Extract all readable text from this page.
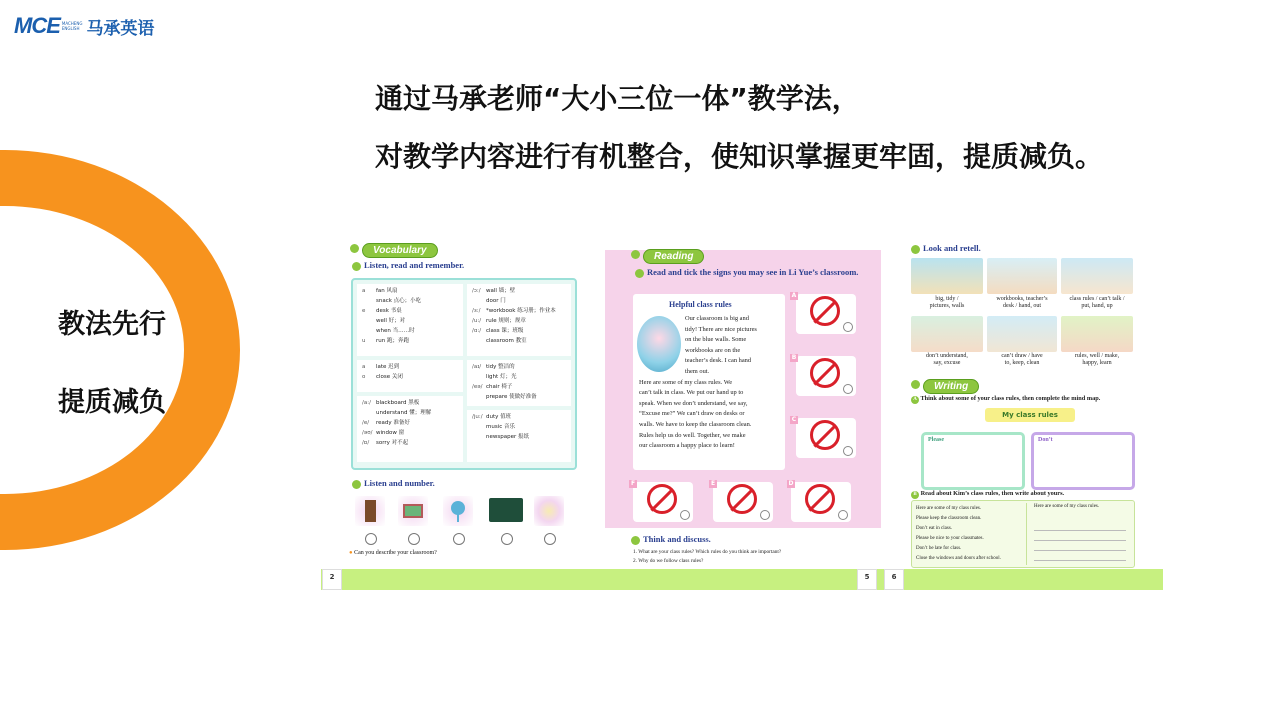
MCE MACHENG
ENGLISH 马承英语
通过马承老师“大小三位一体”教学法，
对教学内容进行有机整合，使知识掌握更牢固，提质减负。
教法先行
提质减负
Vocabulary
Listen, read and remember.
a fan 风扇
snack 点心；小吃
e desk 书桌
well 好；对
when 当……时
u run 跑；奔跑
a late 迟到
o close 关闭
/a:/ blackboard 黑板
understand 懂；理解
/e/ ready 准备好
/əʊ/ window 窗
/ɒ/ sorry 对不起
/ɔ:/ wall 墙；壁
door 门
/ɜ:/ *workbook 练习册；作业本
/u:/ rule 规则；规章
/ɑ:/ class 课；班级
classroom 教室
/aɪ/ tidy 整洁的
light 灯；光
/eə/ chair 椅子
prepare 使做好准备
/ju:/ duty 值班
music 音乐
newspaper 报纸
Listen and number.
● Can you describe your classroom?
Reading
Read and tick the signs you may see in Li Yue’s classroom.
Helpful class rules
Our classroom is big and
tidy! There are nice pictures
on the blue walls. Some
workbooks are on the
teacher’s desk. I can hand
them out.
Here are some of my class rules. We
can’t talk in class. We put our hand up to
speak. When we don’t understand, we say,
“Excuse me?” We can’t draw on desks or
walls. We have to keep the classroom clean.
Rules help us do well. Together, we make
our classroom a happy place to learn!
A
B
C
F	E	D
Think and discuss.
1. What are your class rules? Which rules do you think are important?
2. Why do we follow class rules?
Look and retell.
big, tidy /
pictures, walls
workbooks, teacher’s
desk / hand, out
class rules / can’t talk /
put, hand, up
don’t understand,
say, excuse
can’t draw / have
to, keep, clean
rules, well / make,
happy, learn
Writing
A Think about some of your class rules, then complete the mind map.
My class rules
Please	Don’t
B Read about Kim’s class rules, then write about yours.
Here are some of my class rules.
Please keep the classroom clean.
Don’t eat in class.
Please be nice to your classmates.
Don’t be late for class.
Close the windows and doors after school.
Here are some of my class rules.
2	5	6
